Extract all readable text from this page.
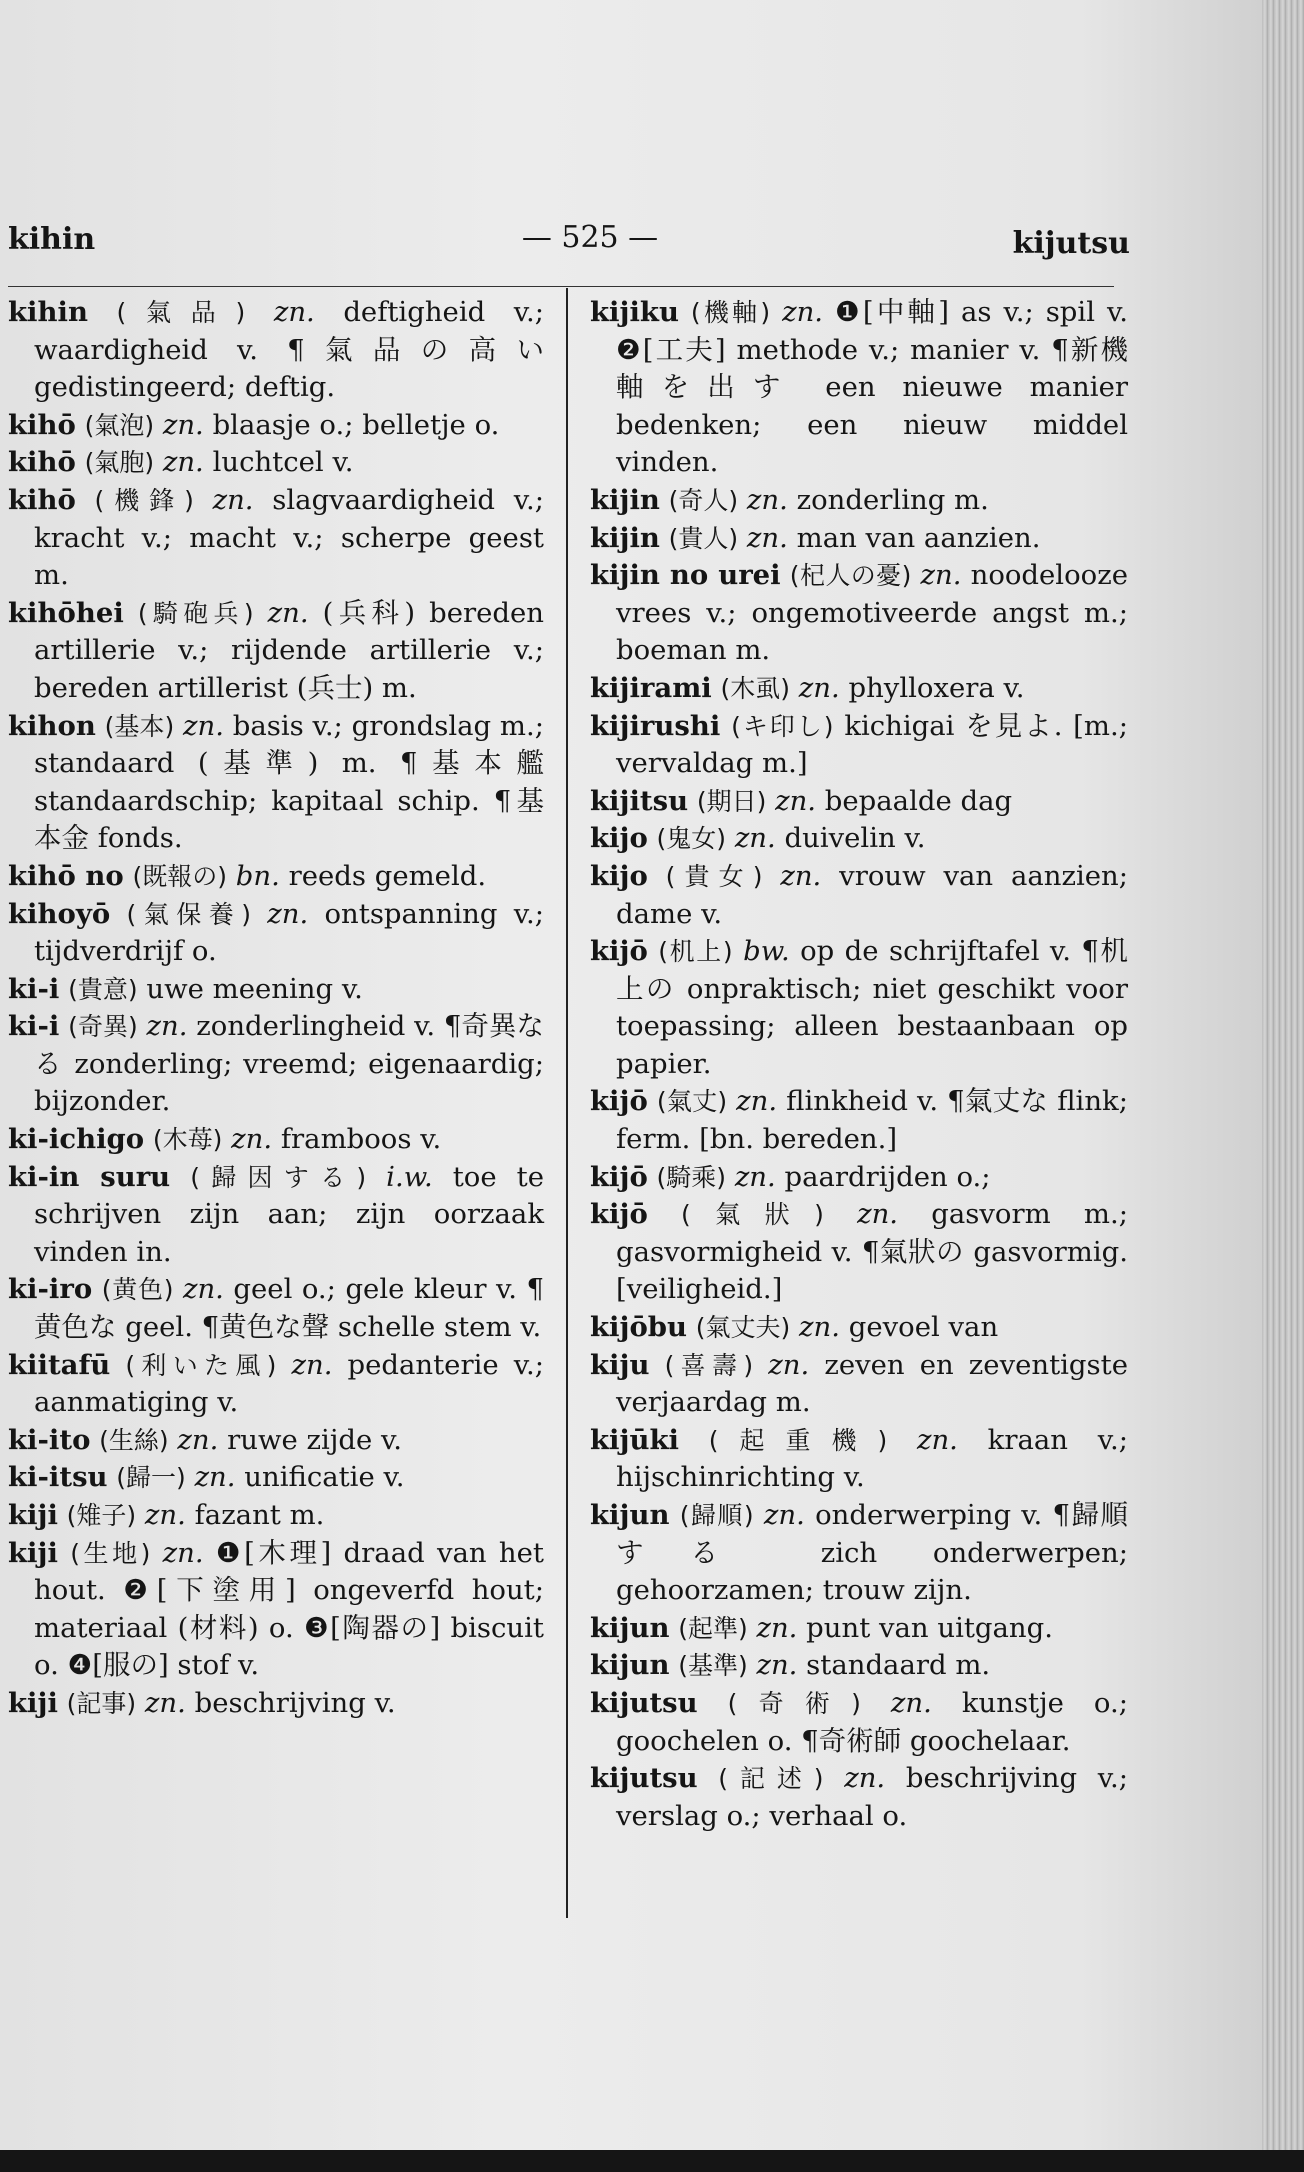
kihin	— 525 —	kijutsu
kihin (氣品) zn. deftigheid v.; waardigheid v. ¶氣品の高い gedistingeerd; deftig.
kihō (氣泡) zn. blaasje o.; belletje o.
kihō (氣胞) zn. luchtcel v.
kihō (機鋒) zn. slagvaardigheid v.; kracht v.; macht v.; scherpe geest m.
kihōhei (騎砲兵) zn. (兵科) bereden artillerie v.; rijdende artillerie v.; bereden artillerist (兵士) m.
kihon (基本) zn. basis v.; grondslag m.; standaard (基準) m. ¶基本艦 standaardschip; kapitaal schip. ¶基本金 fonds.
kihō no (既報の) bn. reeds gemeld.
kihoyō (氣保養) zn. ontspanning v.; tijdverdrijf o.
ki-i (貴意) uwe meening v.
ki-i (奇異) zn. zonderlingheid v. ¶奇異なる zonderling; vreemd; eigenaardig; bijzonder.
ki-ichigo (木苺) zn. framboos v.
ki-in suru (歸因する) i.w. toe te schrijven zijn aan; zijn oorzaak vinden in.
ki-iro (黄色) zn. geel o.; gele kleur v. ¶黄色な geel. ¶黄色な聲 schelle stem v.
kiitafū (利いた風) zn. pedanterie v.; aanmatiging v.
ki-ito (生絲) zn. ruwe zijde v.
ki-itsu (歸一) zn. unificatie v.
kiji (雉子) zn. fazant m.
kiji (生地) zn. ❶[木理] draad van het hout. ❷[下塗用] ongeverfd hout; materiaal (材料) o. ❸[陶器の] biscuit o. ❹[服の] stof v.
kiji (記事) zn. beschrijving v.
kijiku (機軸) zn. ❶[中軸] as v.; spil v. ❷[工夫] methode v.; manier v. ¶新機軸を出す een nieuwe manier bedenken; een nieuw middel vinden.
kijin (奇人) zn. zonderling m.
kijin (貴人) zn. man van aanzien.
kijin no urei (杞人の憂) zn. noodelooze vrees v.; ongemotiveerde angst m.; boeman m.
kijirami (木虱) zn. phylloxera v.
kijirushi (キ印し) kichigai を見よ. [m.; vervaldag m.]
kijitsu (期日) zn. bepaalde dag
kijo (鬼女) zn. duivelin v.
kijo (貴女) zn. vrouw van aanzien; dame v.
kijō (机上) bw. op de schrijftafel v. ¶机上の onpraktisch; niet geschikt voor toepassing; alleen bestaanbaan op papier.
kijō (氣丈) zn. flinkheid v. ¶氣丈な flink; ferm. [bn. bereden.]
kijō (騎乘) zn. paardrijden o.;
kijō (氣狀) zn. gasvorm m.; gasvormigheid v. ¶氣狀の gasvormig. [veiligheid.]
kijōbu (氣丈夫) zn. gevoel van
kiju (喜壽) zn. zeven en zeventigste verjaardag m.
kijūki (起重機) zn. kraan v.; hijschinrichting v.
kijun (歸順) zn. onderwerping v. ¶歸順する zich onderwerpen; gehoorzamen; trouw zijn.
kijun (起準) zn. punt van uitgang.
kijun (基準) zn. standaard m.
kijutsu (奇術) zn. kunstje o.; goochelen o. ¶奇術師 goochelaar.
kijutsu (記述) zn. beschrijving v.; verslag o.; verhaal o.
